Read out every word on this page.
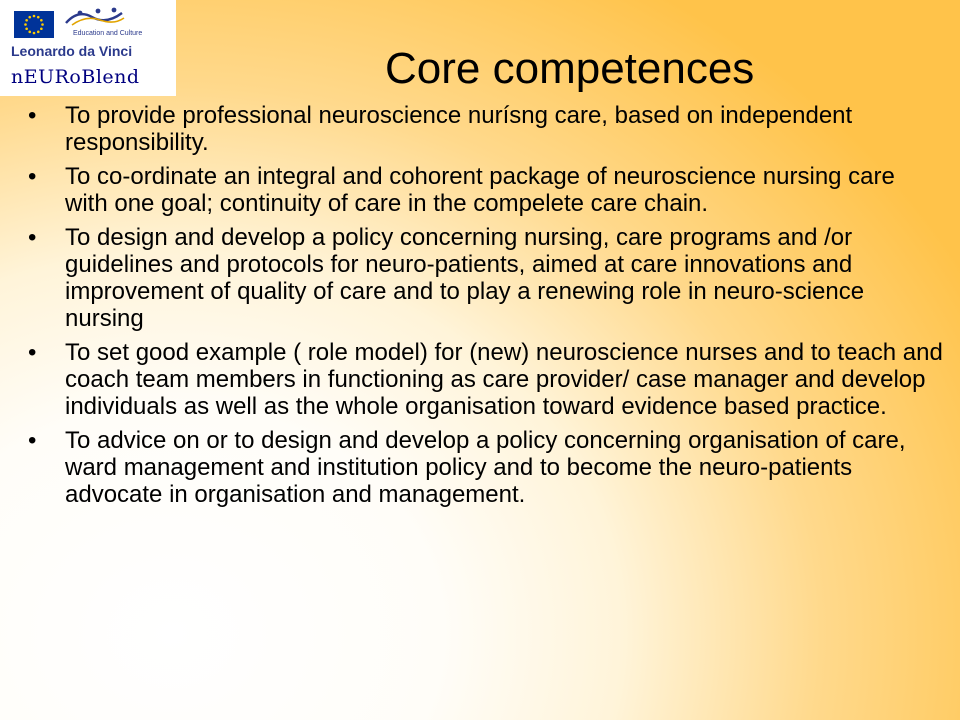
Education and Culture
Leonardo da Vinci
nEURoBlend	Core competences
• To provide professional neuroscience nurísng care, based on independent responsibility.
• To co-ordinate an integral and cohorent package of neuroscience nursing care with one goal; continuity of care in the compelete care chain.
• To design and develop a policy concerning nursing, care programs and /or guidelines and protocols for neuro-patients, aimed at care innovations and improvement of quality of care and to play a renewing role in neuro-science nursing
• To set good example ( role model) for (new) neuroscience nurses and to teach and coach team members in functioning as care provider/ case manager and develop individuals as well as the whole organisation toward evidence based practice.
• To advice on or to design and develop a policy concerning organisation of care, ward management and institution policy and to become the neuro-patients advocate in organisation and management.
